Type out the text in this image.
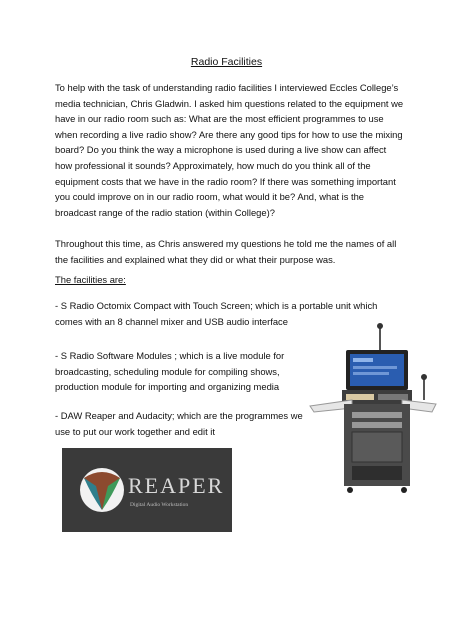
Radio Facilities

To help with the task of understanding radio facilities I interviewed Eccles College’s media technician, Chris Gladwin. I asked him questions related to the equipment we have in our radio room such as: What are the most efficient programmes to use when recording a live radio show? Are there any good tips for how to use the mixing board? Do you think the way a microphone is used during a live show can affect how professional it sounds? Approximately, how much do you think all of the equipment costs that we have in the radio room? If there was something important you could improve on in our radio room, what would it be? And, what is the broadcast range of the radio station (within College)?

Throughout this time, as Chris answered my questions he told me the names of all the facilities and explained what they did or what their purpose was.

The facilities are:

- S Radio Octomix Compact with Touch Screen; which is a portable unit which comes with an 8 channel mixer and USB audio interface

- S Radio Software Modules ; which is a live module for broadcasting, scheduling module for compiling shows, production module for importing and organizing media

- DAW Reaper and Audacity; which are the programmes we use to put our work together and edit it

REAPER
Digital Audio Workstation
